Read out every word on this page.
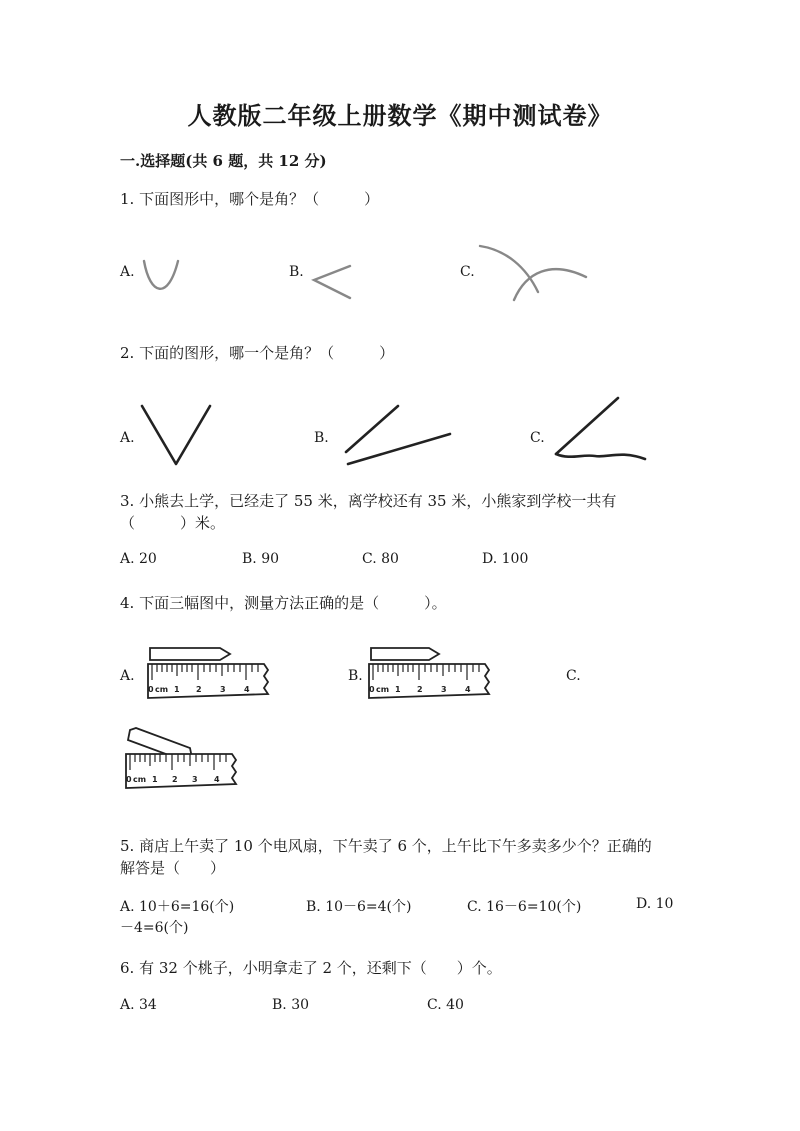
人教版二年级上册数学《期中测试卷》
一.选择题(共 6 题，共 12 分)
1. 下面图形中，哪个是角？（　　　）
A.	B.	C.
2. 下面的图形，哪一个是角？（　　　）
A.	B.	C.
3. 小熊去上学，已经走了 55 米，离学校还有 35 米，小熊家到学校一共有
（　　　）米。
A. 20	B. 90	C. 80	D. 100
4. 下面三幅图中，测量方法正确的是（　　　）。
A.
0 cm 1 2 3 4
B.
0 cm 1 2 3 4
C.
0 cm 1 2 3 4
5. 商店上午卖了 10 个电风扇，下午卖了 6 个，上午比下午多卖多少个？正确的
解答是（　　）
A. 10＋6=16(个)	B. 10－6=4(个)	C. 16－6=10(个)	D. 10
－4=6(个)
6. 有 32 个桃子，小明拿走了 2 个，还剩下（　　）个。
A. 34	B. 30	C. 40
